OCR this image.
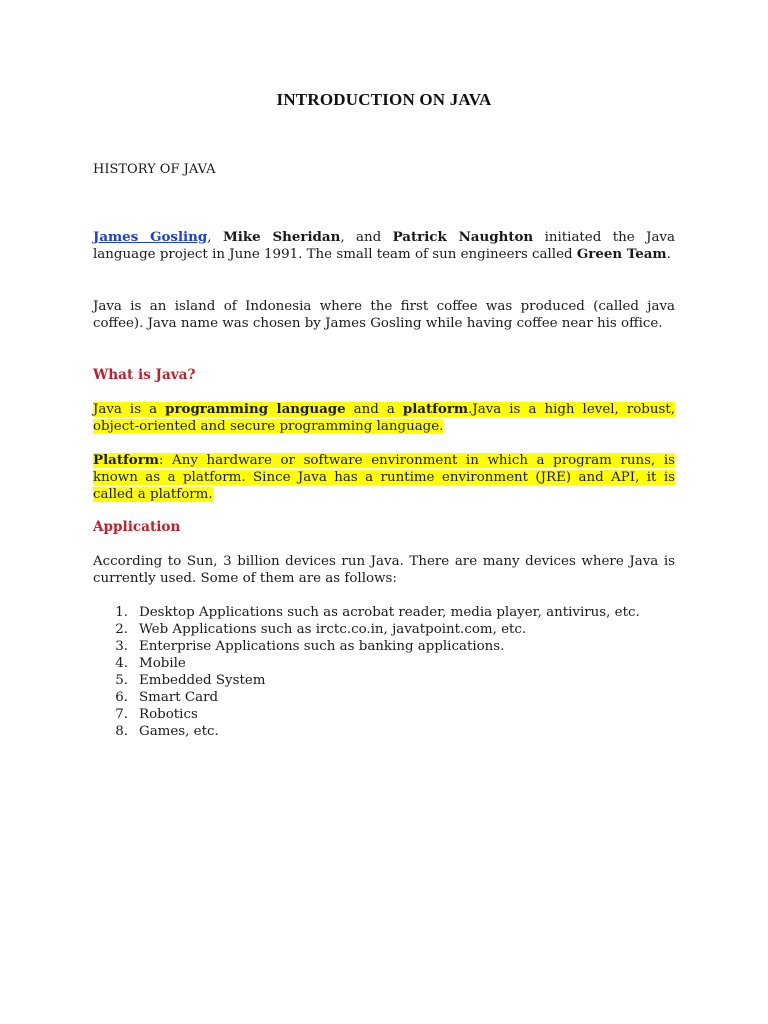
INTRODUCTION ON JAVA

HISTORY OF JAVA

James Gosling, Mike Sheridan, and Patrick Naughton initiated the Java language project in June 1991. The small team of sun engineers called Green Team.

Java is an island of Indonesia where the first coffee was produced (called java coffee). Java name was chosen by James Gosling while having coffee near his office.

What is Java?

Java is a programming language and a platform.Java is a high level, robust, object-oriented and secure programming language.

Platform: Any hardware or software environment in which a program runs, is known as a platform. Since Java has a runtime environment (JRE) and API, it is called a platform.

Application

According to Sun, 3 billion devices run Java. There are many devices where Java is currently used. Some of them are as follows:

1. Desktop Applications such as acrobat reader, media player, antivirus, etc.
2. Web Applications such as irctc.co.in, javatpoint.com, etc.
3. Enterprise Applications such as banking applications.
4. Mobile
5. Embedded System
6. Smart Card
7. Robotics
8. Games, etc.
